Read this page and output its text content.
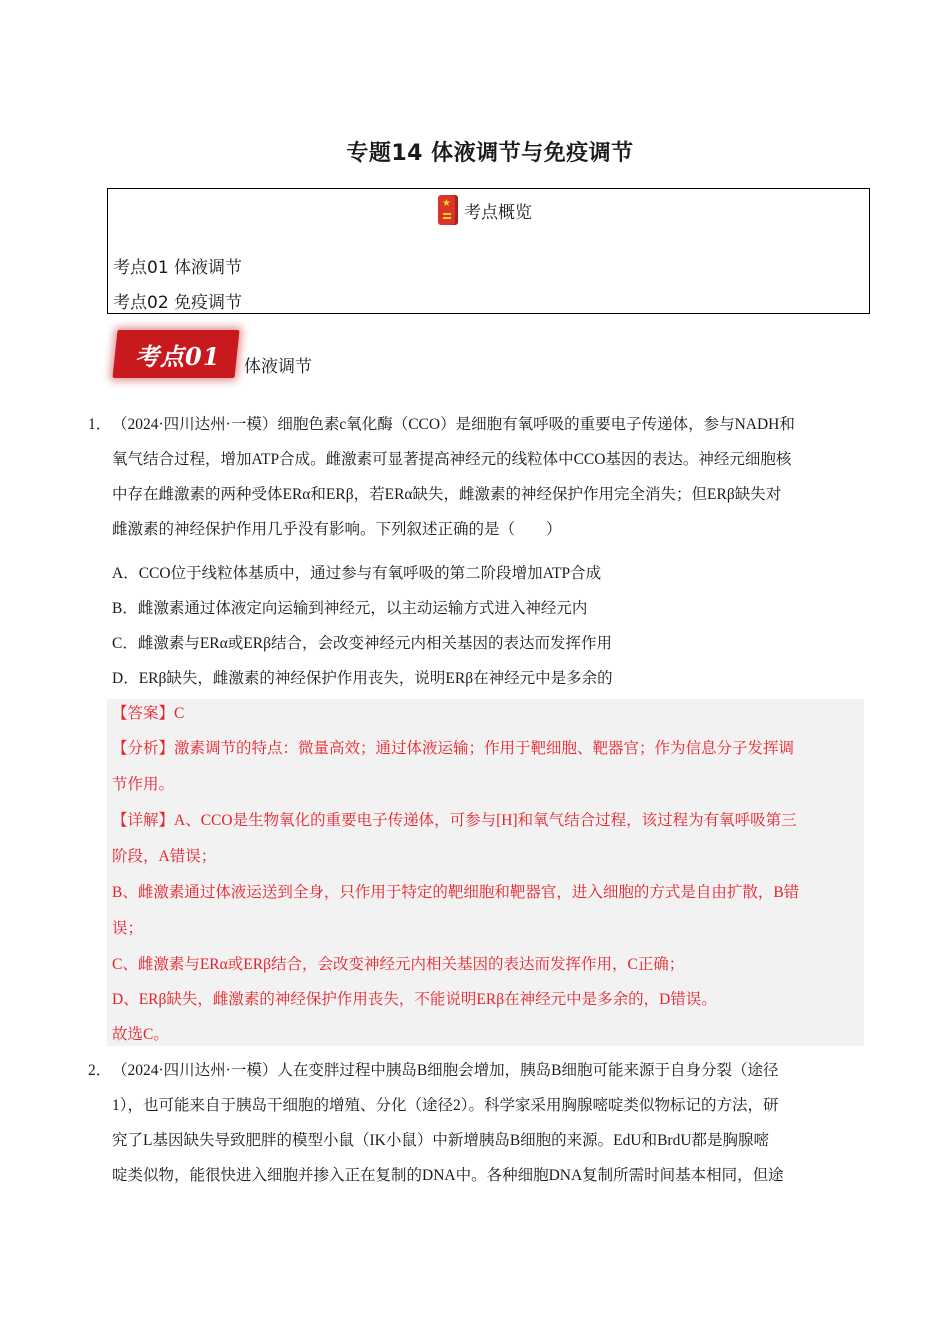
专题14 体液调节与免疫调节
★ 考点概览
考点01 体液调节
考点02 免疫调节
考点01 体液调节
1． （2024·四川达州·一模）细胞色素c氧化酶（CCO）是细胞有氧呼吸的重要电子传递体，参与NADH和
氧气结合过程，增加ATP合成。雌激素可显著提高神经元的线粒体中CCO基因的表达。神经元细胞核
中存在雌激素的两种受体ERα和ERβ，若ERα缺失，雌激素的神经保护作用完全消失；但ERβ缺失对
雌激素的神经保护作用几乎没有影响。下列叙述正确的是（　　）
A．CCO位于线粒体基质中，通过参与有氧呼吸的第二阶段增加ATP合成
B．雌激素通过体液定向运输到神经元，以主动运输方式进入神经元内
C．雌激素与ERα或ERβ结合，会改变神经元内相关基因的表达而发挥作用
D．ERβ缺失，雌激素的神经保护作用丧失，说明ERβ在神经元中是多余的
【答案】C
【分析】激素调节的特点：微量高效；通过体液运输；作用于靶细胞、靶器官；作为信息分子发挥调
节作用。
【详解】A、CCO是生物氧化的重要电子传递体，可参与[H]和氧气结合过程，该过程为有氧呼吸第三
阶段，A错误；
B、雌激素通过体液运送到全身，只作用于特定的靶细胞和靶器官，进入细胞的方式是自由扩散，B错
误；
C、雌激素与ERα或ERβ结合，会改变神经元内相关基因的表达而发挥作用，C正确；
D、ERβ缺失，雌激素的神经保护作用丧失，不能说明ERβ在神经元中是多余的，D错误。
故选C。
2． （2024·四川达州·一模）人在变胖过程中胰岛B细胞会增加，胰岛B细胞可能来源于自身分裂（途径
1），也可能来自于胰岛干细胞的增殖、分化（途径2）。科学家采用胸腺嘧啶类似物标记的方法，研
究了L基因缺失导致肥胖的模型小鼠（IK小鼠）中新增胰岛B细胞的来源。EdU和BrdU都是胸腺嘧
啶类似物，能很快进入细胞并掺入正在复制的DNA中。各种细胞DNA复制所需时间基本相同，但途
